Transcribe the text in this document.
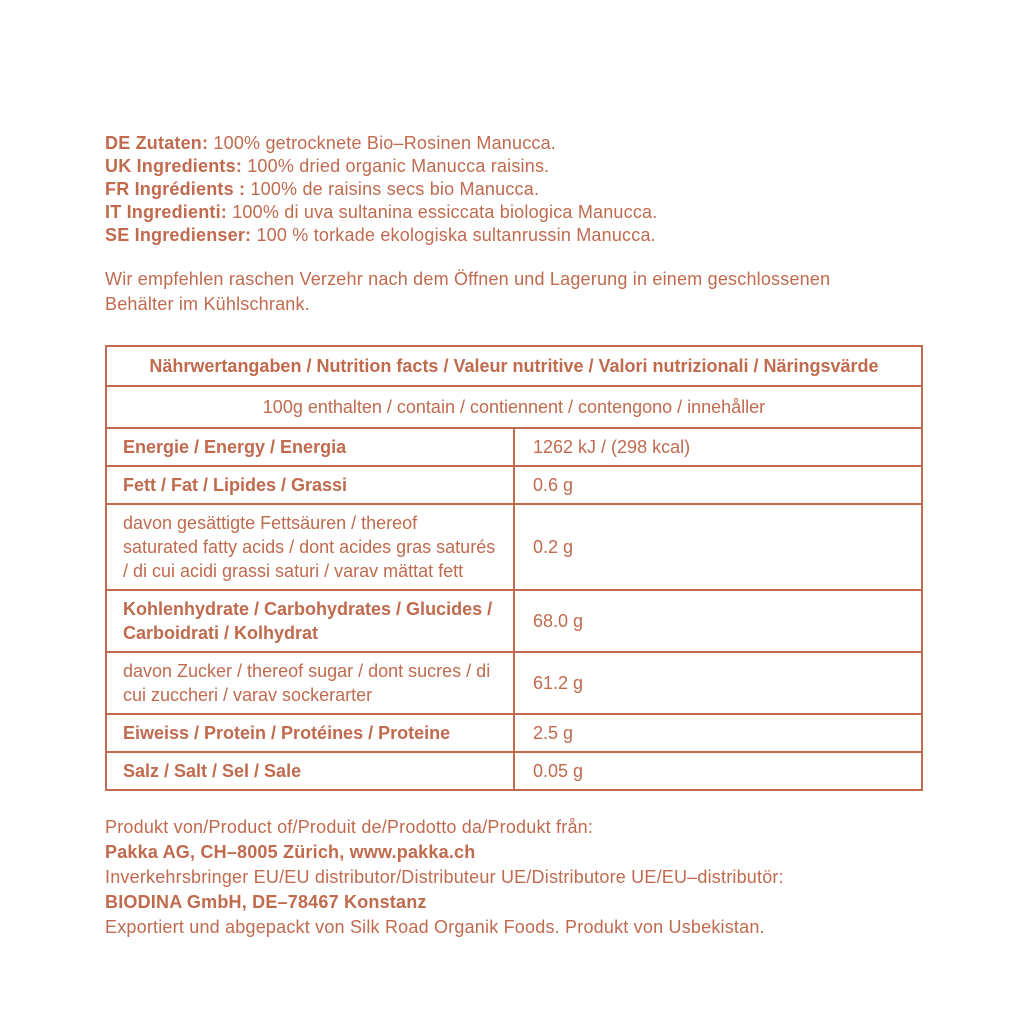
DE Zutaten: 100% getrocknete Bio–Rosinen Manucca.

UK Ingredients: 100% dried organic Manucca raisins.

FR Ingrédients : 100% de raisins secs bio Manucca.

IT Ingredienti: 100% di uva sultanina essiccata biologica Manucca.

SE Ingredienser: 100 % torkade ekologiska sultanrussin Manucca.

Wir empfehlen raschen Verzehr nach dem Öffnen und Lagerung in einem geschlossenen Behälter im Kühlschrank.

Nährwertangaben / Nutrition facts / Valeur nutritive / Valori nutrizionali / Näringsvärde	
100g enthalten / contain / contiennent / contengono / innehåller	
Energie / Energy / Energia	1262 kJ / (298 kcal)
Fett / Fat / Lipides / Grassi	0.6 g
davon gesättigte Fettsäuren / thereof saturated fatty acids / dont acides gras saturés / di cui acidi grassi saturi / varav mättat fett	0.2 g
Kohlenhydrate / Carbohydrates / Glucides / Carboidrati / Kolhydrat	68.0 g
davon Zucker / thereof sugar / dont sucres / di cui zuccheri / varav sockerarter	61.2 g
Eiweiss / Protein / Protéines / Proteine	2.5 g
Salz / Salt / Sel / Sale	0.05 g

Produkt von/Product of/Produit de/Prodotto da/Produkt från:

Pakka AG, CH–8005 Zürich, www.pakka.ch

Inverkehrsbringer EU/EU distributor/Distributeur UE/Distributore UE/EU–distributör:

BIODINA GmbH, DE–78467 Konstanz

Exportiert und abgepackt von Silk Road Organik Foods. Produkt von Usbekistan.
